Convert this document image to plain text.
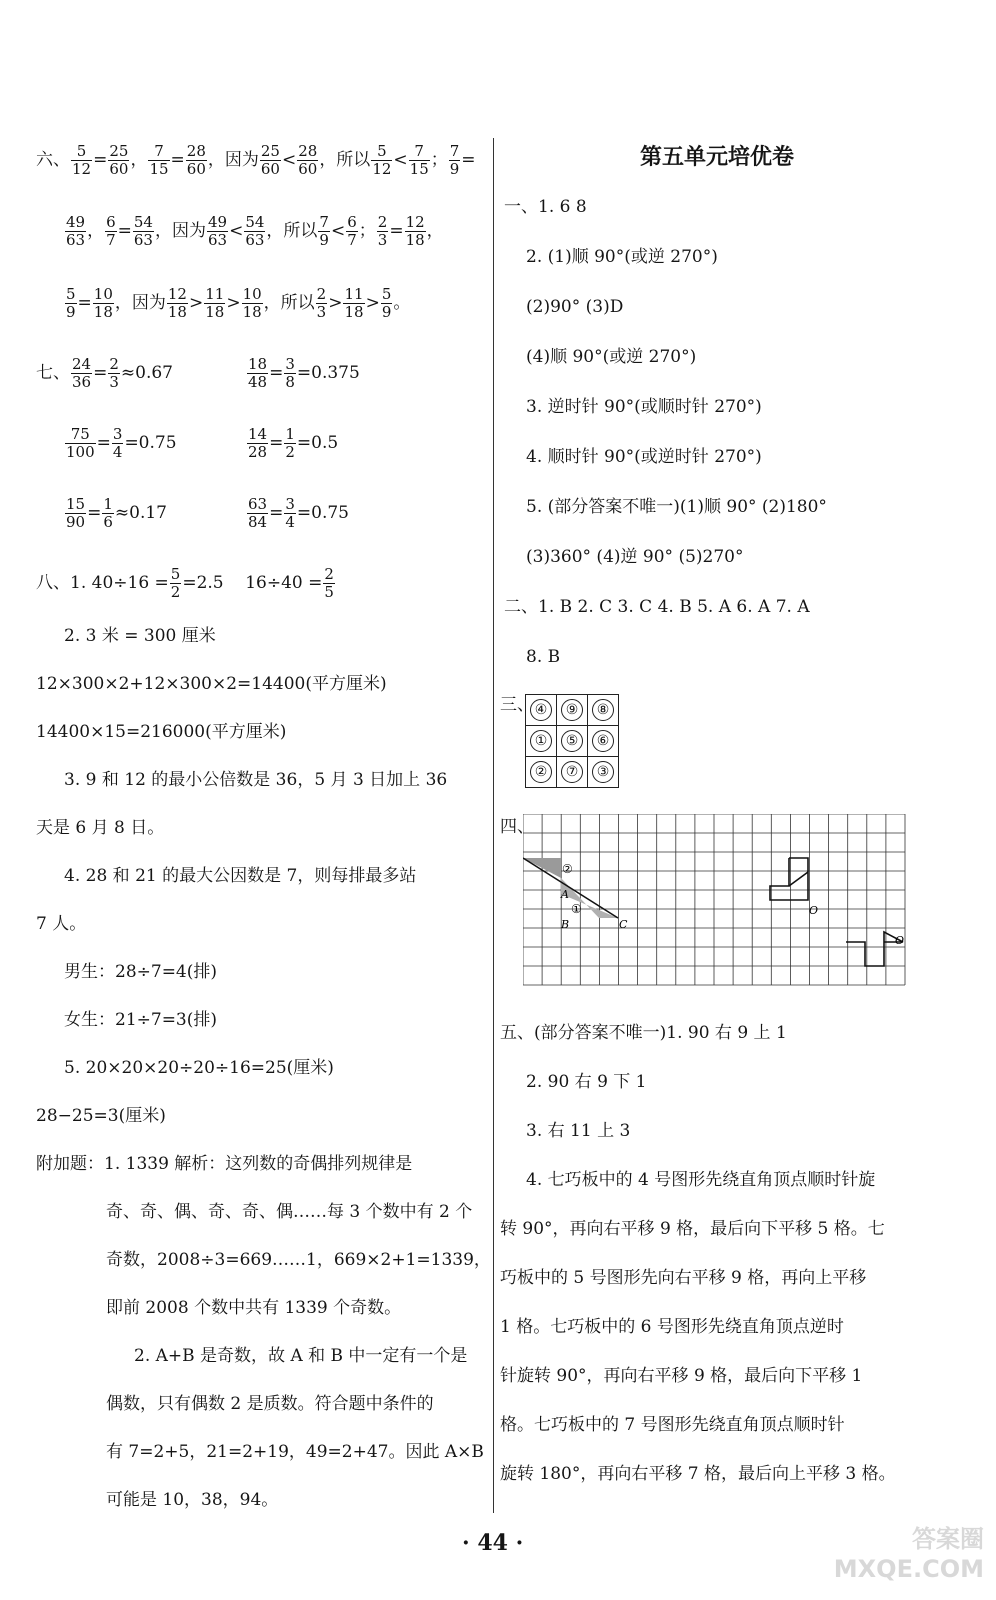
六、 $\frac{5}{12} = \frac{25}{60}$ ， $\frac{7}{15} = \frac{28}{60}$ ，因为 $\frac{25}{60} < \frac{28}{60}$ ，所以 $\frac{5}{12} < \frac{7}{15}$ ； $\frac{7}{9}$ =
$\frac{49}{63}$ ， $\frac{6}{7} = \frac{54}{63}$ ，因为 $\frac{49}{63} < \frac{54}{63}$ ，所以 $\frac{7}{9} < \frac{6}{7}$ ； $\frac{2}{3} = \frac{12}{18}$ ，
$\frac{5}{9} = \frac{10}{18}$ ，因为 $\frac{12}{18} > \frac{11}{18} > \frac{10}{18}$ ，所以 $\frac{2}{3} > \frac{11}{18} > \frac{5}{9}$ 。
七、 $\frac{24}{36} = \frac{2}{3} \approx 0.67$	$\frac{18}{48} = \frac{3}{8} =0.375$
$\frac{75}{100} = \frac{3}{4} =0.75$	$\frac{14}{28} = \frac{1}{2} =0.5$
$\frac{15}{90} = \frac{1}{6} \approx 0.17$	$\frac{63}{84} = \frac{3}{4} =0.75$
八、1. $40\div 16 = \frac{5}{2} =2.5$ $16\div 40 = \frac{2}{5}$
2. 3 米 = 300 厘米
12×300×2+12×300×2=14400(平方厘米)
14400×15=216000(平方厘米)
3. 9 和 12 的最小公倍数是 36，5 月 3 日加上 36
天是 6 月 8 日。
4. 28 和 21 的最大公因数是 7，则每排最多站
7 人。
男生：28÷7=4(排)
女生：21÷7=3(排)
5. 20×20×20÷20÷16=25(厘米)
28−25=3(厘米)
附加题：1. 1339 解析：这列数的奇偶排列规律是
奇、奇、偶、奇、奇、偶……每 3 个数中有 2 个
奇数，2008÷3=669……1，669×2+1=1339，
即前 2008 个数中共有 1339 个奇数。
2. A+B 是奇数，故 A 和 B 中一定有一个是
偶数，只有偶数 2 是质数。符合题中条件的
有 7=2+5，21=2+19，49=2+47。因此 A×B
可能是 10，38，94。
第五单元培优卷
一、1. 6 8
2. (1)顺 90°(或逆 270°)
(2)90° (3)D
(4)顺 90°(或逆 270°)
3. 逆时针 90°(或顺时针 270°)
4. 顺时针 90°(或逆时针 270°)
5. (部分答案不唯一)(1)顺 90° (2)180°
(3)360° (4)逆 90° (5)270°
二、1. B 2. C 3. C 4. B 5. A 6. A 7. A
8. B
三、 ④	⑨	⑧
①	⑤	⑥
②	⑦	③
四、
②
A
①
B	C
O
O
五、(部分答案不唯一)1. 90 右 9 上 1
2. 90 右 9 下 1
3. 右 11 上 3
4. 七巧板中的 4 号图形先绕直角顶点顺时针旋
转 90°，再向右平移 9 格，最后向下平移 5 格。七
巧板中的 5 号图形先向右平移 9 格，再向上平移
1 格。七巧板中的 6 号图形先绕直角顶点逆时
针旋转 90°，再向右平移 9 格，最后向下平移 1
格。七巧板中的 7 号图形先绕直角顶点顺时针
旋转 180°，再向右平移 7 格，最后向上平移 3 格。
· 44 ·	答案圈
MXQE.COM
